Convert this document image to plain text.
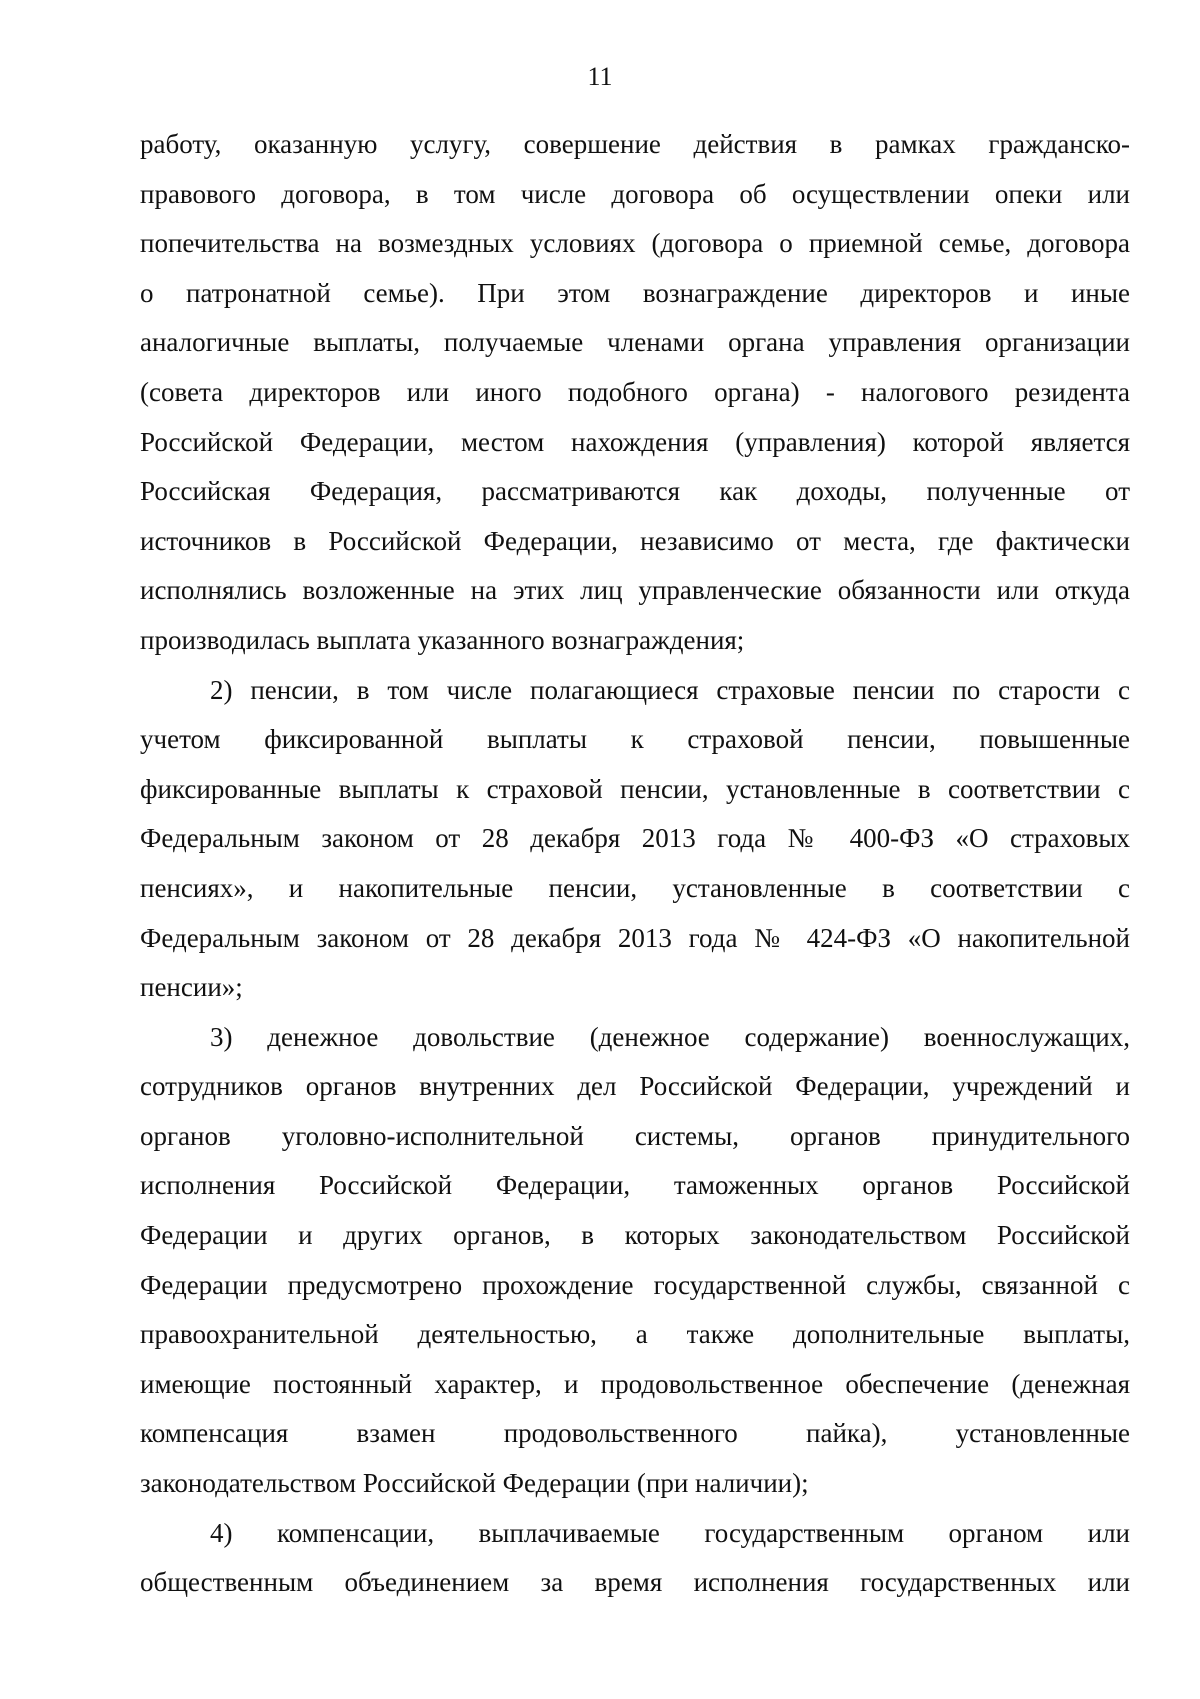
11
работу, оказанную услугу, совершение действия в рамках гражданско-
правового договора, в том числе договора об осуществлении опеки или
попечительства на возмездных условиях (договора о приемной семье, договора
о патронатной семье). При этом вознаграждение директоров и иные
аналогичные выплаты, получаемые членами органа управления организации
(совета директоров или иного подобного органа) - налогового резидента
Российской Федерации, местом нахождения (управления) которой является
Российская Федерация, рассматриваются как доходы, полученные от
источников в Российской Федерации, независимо от места, где фактически
исполнялись возложенные на этих лиц управленческие обязанности или откуда
производилась выплата указанного вознаграждения;
2) пенсии, в том числе полагающиеся страховые пенсии по старости с
учетом фиксированной выплаты к страховой пенсии, повышенные
фиксированные выплаты к страховой пенсии, установленные в соответствии с
Федеральным законом от 28 декабря 2013 года № 400-ФЗ «О страховых
пенсиях», и накопительные пенсии, установленные в соответствии с
Федеральным законом от 28 декабря 2013 года № 424-ФЗ «О накопительной
пенсии»;
3) денежное довольствие (денежное содержание) военнослужащих,
сотрудников органов внутренних дел Российской Федерации, учреждений и
органов уголовно-исполнительной системы, органов принудительного
исполнения Российской Федерации, таможенных органов Российской
Федерации и других органов, в которых законодательством Российской
Федерации предусмотрено прохождение государственной службы, связанной с
правоохранительной деятельностью, а также дополнительные выплаты,
имеющие постоянный характер, и продовольственное обеспечение (денежная
компенсация взамен продовольственного пайка), установленные
законодательством Российской Федерации (при наличии);
4) компенсации, выплачиваемые государственным органом или
общественным объединением за время исполнения государственных или
